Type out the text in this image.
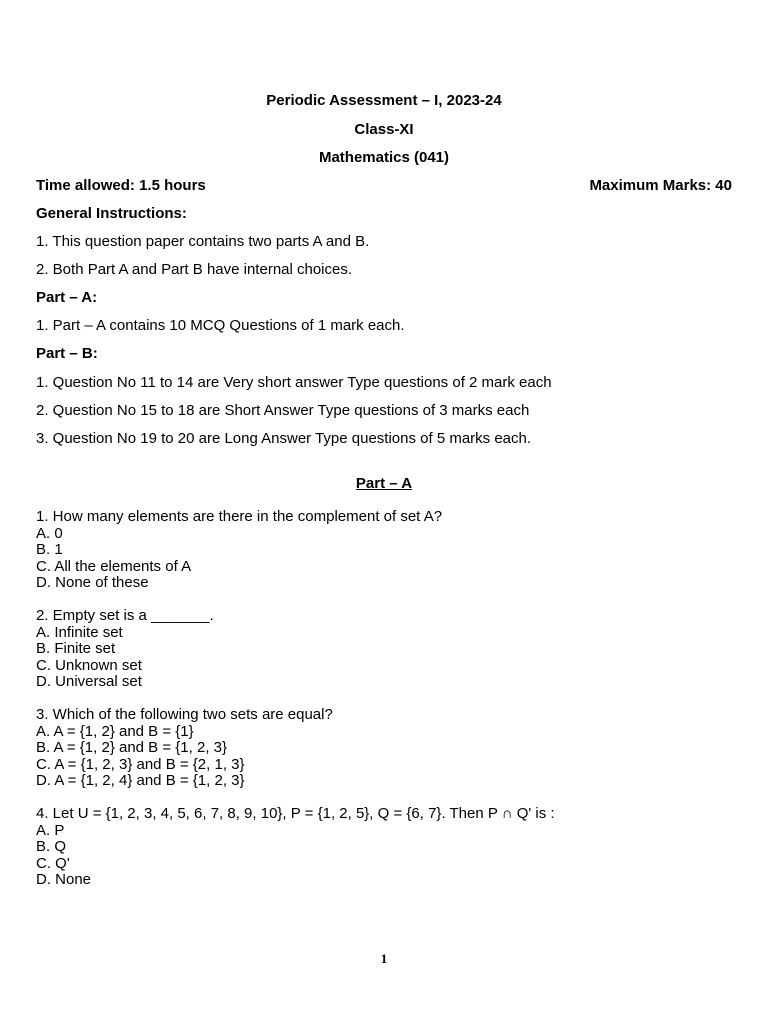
Periodic Assessment – I, 2023-24
Class-XI
Mathematics (041)
Time allowed: 1.5 hours	Maximum Marks: 40
General Instructions:
1. This question paper contains two parts A and B.
2. Both Part A and Part B have internal choices.
Part – A:
1. Part – A contains 10 MCQ Questions of 1 mark each.
Part – B:
1. Question No 11 to 14 are Very short answer Type questions of 2 mark each
2. Question No 15 to 18 are Short Answer Type questions of 3 marks each
3. Question No 19 to 20 are Long Answer Type questions of 5 marks each.
Part – A
1. How many elements are there in the complement of set A?
A. 0
B. 1
C. All the elements of A
D. None of these
2. Empty set is a _______.
A. Infinite set
B. Finite set
C. Unknown set
D. Universal set
3. Which of the following two sets are equal?
A. A = {1, 2} and B = {1}
B. A = {1, 2} and B = {1, 2, 3}
C. A = {1, 2, 3} and B = {2, 1, 3}
D. A = {1, 2, 4} and B = {1, 2, 3}
4. Let U = {1, 2, 3, 4, 5, 6, 7, 8, 9, 10}, P = {1, 2, 5}, Q = {6, 7}. Then P ∩ Q' is :
A. P
B. Q
C. Q'
D. None
1
